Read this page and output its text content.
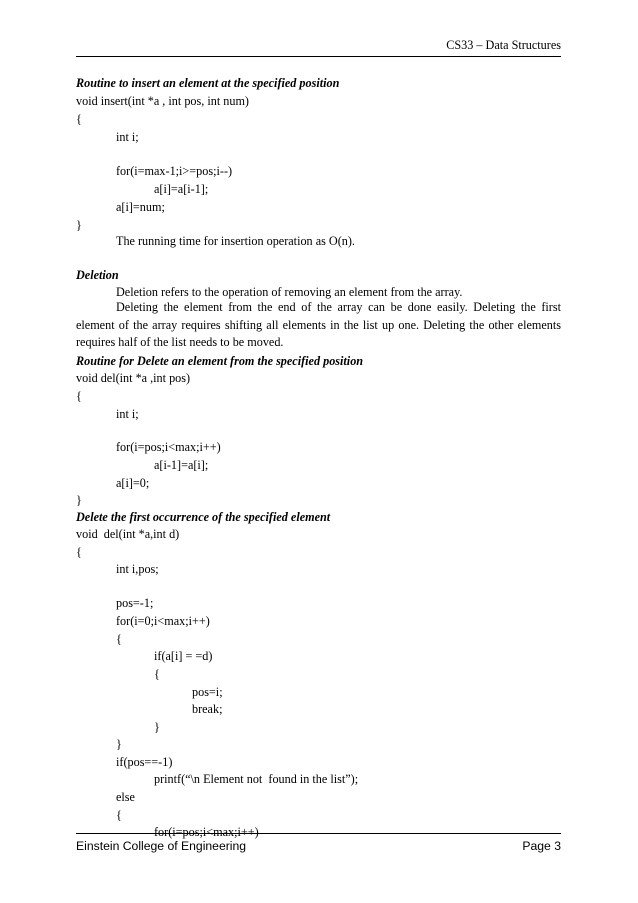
CS33 – Data Structures
Routine to insert an element at the specified position
void insert(int *a , int pos, int num)
{
int i;
for(i=max-1;i>=pos;i--)
a[i]=a[i-1];
a[i]=num;
}
The running time for insertion operation as O(n).
Deletion
Deletion refers to the operation of removing an element from the array.
Deleting the element from the end of the array can be done easily. Deleting the first element of the array requires shifting all elements in the list up one. Deleting the other elements requires half of the list needs to be moved.
Routine for Delete an element from the specified position
void del(int *a ,int pos)
{
int i;
for(i=pos;i<max;i++)
a[i-1]=a[i];
a[i]=0;
}
Delete the first occurrence of the specified element
void  del(int *a,int d)
{
int i,pos;
pos=-1;
for(i=0;i<max;i++)
{
if(a[i] = =d)
{
pos=i;
break;
}
}
if(pos==-1)
printf(“\n Element not  found in the list”);
else
{
for(i=pos;i<max;i++)
Einstein College of Engineering	Page 3
